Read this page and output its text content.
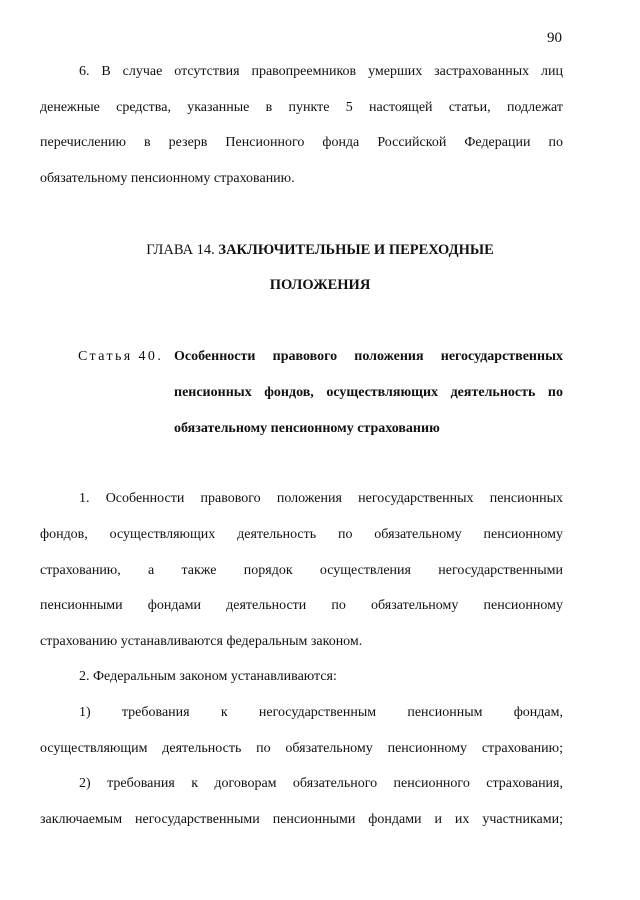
90
6. В случае отсутствия правопреемников умерших застрахованных лиц
денежные средства, указанные в пункте 5 настоящей статьи, подлежат
перечислению в резерв Пенсионного фонда Российской Федерации по
обязательному пенсионному страхованию.
ГЛАВА 14. ЗАКЛЮЧИТЕЛЬНЫЕ И ПЕРЕХОДНЫЕ
ПОЛОЖЕНИЯ
Статья 40. Особенности правового положения негосударственных
пенсионных фондов, осуществляющих деятельность по
обязательному пенсионному страхованию
1. Особенности правового положения негосударственных пенсионных
фондов, осуществляющих деятельность по обязательному пенсионному
страхованию, а также порядок осуществления негосударственными
пенсионными фондами деятельности по обязательному пенсионному
страхованию устанавливаются федеральным законом.
2. Федеральным законом устанавливаются:
1) требования к негосударственным пенсионным фондам,
осуществляющим деятельность по обязательному пенсионному страхованию;
2) требования к договорам обязательного пенсионного страхования,
заключаемым негосударственными пенсионными фондами и их участниками;
